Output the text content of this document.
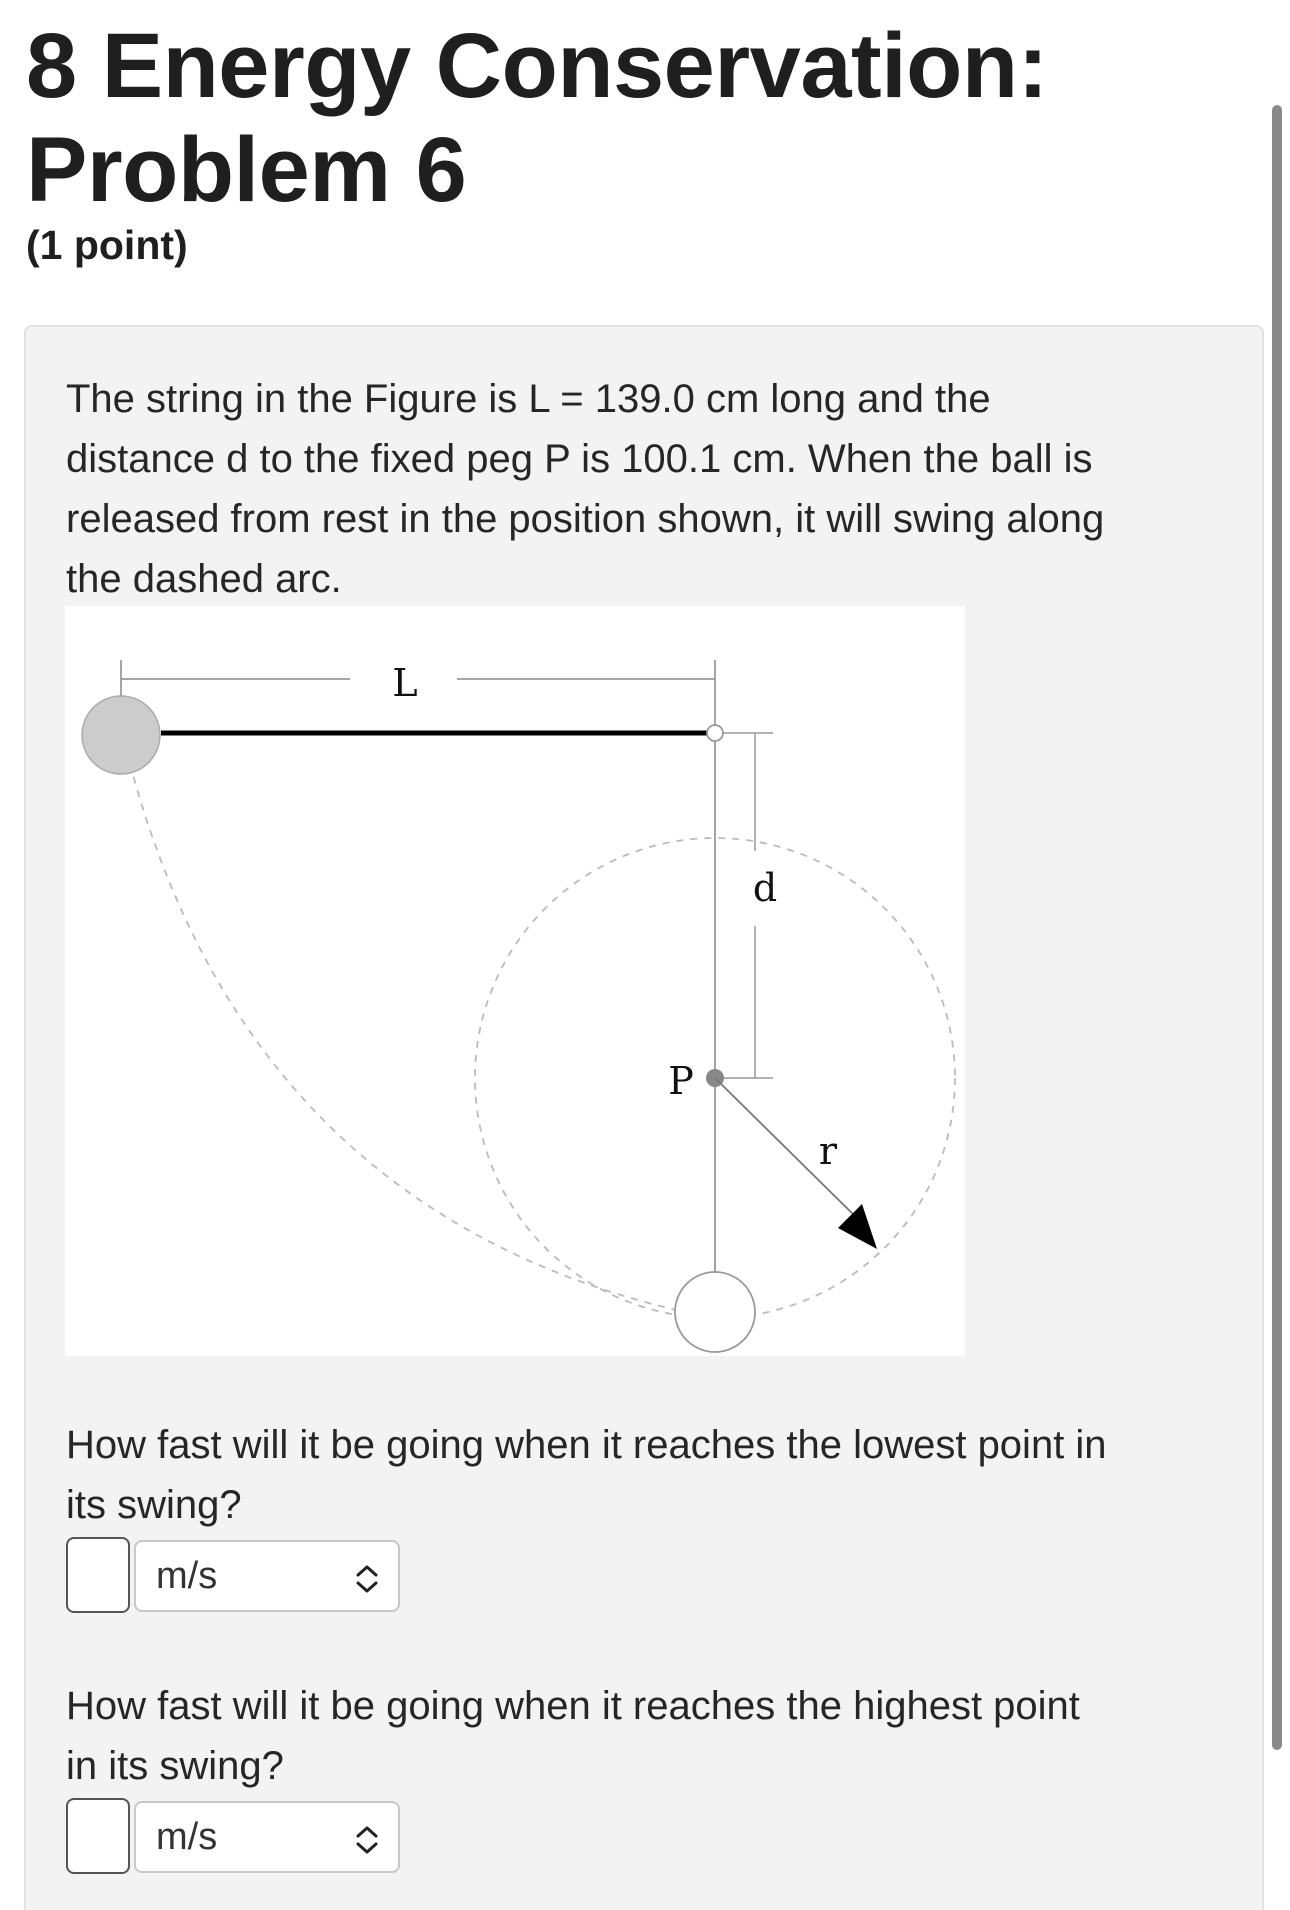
8 Energy Conservation:
Problem 6
(1 point)

The string in the Figure is L = 139.0 cm long and the
distance d to the fixed peg P is 100.1 cm. When the ball is
released from rest in the position shown, it will swing along
the dashed arc.

L
d
P
r

How fast will it be going when it reaches the lowest point in
its swing?

m/s

How fast will it be going when it reaches the highest point
in its swing?

m/s
